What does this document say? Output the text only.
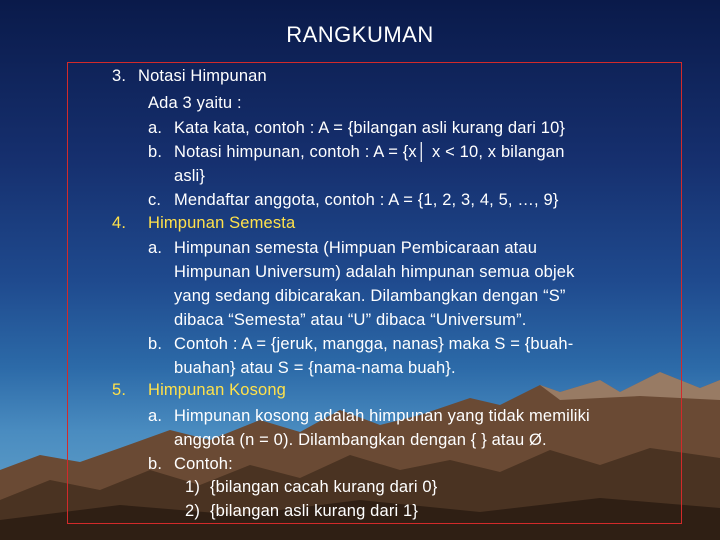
RANGKUMAN
3. Notasi Himpunan
Ada 3 yaitu :
a. Kata kata, contoh : A = {bilangan asli kurang dari 10}
b. Notasi himpunan, contoh : A = {x│ x < 10, x bilangan
asli}
c. Mendaftar anggota, contoh : A = {1, 2, 3, 4, 5, …, 9}
4. Himpunan Semesta
a. Himpunan semesta (Himpuan Pembicaraan atau
Himpunan Universum) adalah himpunan semua objek
yang sedang dibicarakan. Dilambangkan dengan “S”
dibaca “Semesta” atau “U” dibaca “Universum”.
b. Contoh : A = {jeruk, mangga, nanas} maka S = {buah-
buahan} atau S = {nama-nama buah}.
5. Himpunan Kosong
a. Himpunan kosong adalah himpunan yang tidak memiliki
anggota (n = 0). Dilambangkan dengan { } atau Ø.
b. Contoh:
1) {bilangan cacah kurang dari 0}
2) {bilangan asli kurang dari 1}
